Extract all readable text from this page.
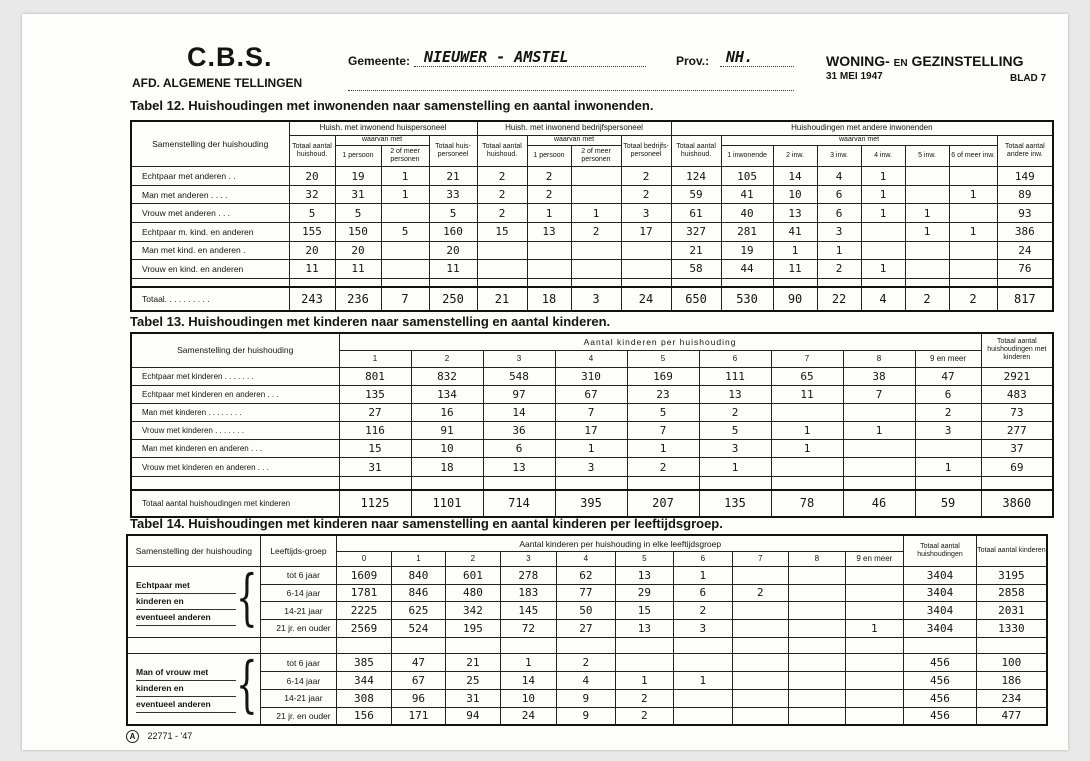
C.B.S.
AFD. ALGEMENE TELLINGEN
Gemeente: NIEUWER - AMSTEL	Prov.: NH.	WONING- EN GEZINSTELLING
31 MEI 1947	BLAD 7
Tabel 12. Huishoudingen met inwonenden naar samenstelling en aantal inwonenden.
Samenstelling der huishouding	Huish. met inwonend huispersoneel				Huish. met inwonend bedrijfspersoneel				Huishoudingen met andere inwonenden							
	Totaal aantal huishoud.	waarvan met		Totaal huis-personeel	Totaal aantal huishoud.	waarvan met		Totaal bedrijfs-personeel	Totaal aantal huishoud.	waarvan met						Totaal aantal andere inw.
		1 persoon	2 of meer personen			1 persoon	2 of meer personen			1 inwonende	2 inw.	3 inw.	4 inw.	5 inw.	6 of meer inw.	
Echtpaar met anderen . .	20	19	1	21	2	2		2	124	105	14	4	1			149
Man met anderen . . . .	32	31	1	33	2	2		2	59	41	10	6	1		1	89
Vrouw met anderen . . .	5	5		5	2	1	1	3	61	40	13	6	1	1		93
Echtpaar m. kind. en anderen	155	150	5	160	15	13	2	17	327	281	41	3		1	1	386
Man met kind. en anderen .	20	20		20					21	19	1	1				24
Vrouw en kind. en anderen	11	11		11					58	44	11	2	1			76

Totaal. . . . . . . . . .	243	236	7	250	21	18	3	24	650	530	90	22	4	2	2	817
Tabel 13. Huishoudingen met kinderen naar samenstelling en aantal kinderen.
Samenstelling der huishouding	Aantal kinderen per huishouding									Totaal aantal huishoudingen met kinderen
	1	2	3	4	5	6	7	8	9 en meer	
Echtpaar met kinderen . . . . . . .	801	832	548	310	169	111	65	38	47	2921
Echtpaar met kinderen en anderen . . .	135	134	97	67	23	13	11	7	6	483
Man met kinderen . . . . . . . .	27	16	14	7	5	2			2	73
Vrouw met kinderen . . . . . . .	116	91	36	17	7	5	1	1	3	277
Man met kinderen en anderen . . .	15	10	6	1	1	3	1			37
Vrouw met kinderen en anderen . . .	31	18	13	3	2	1			1	69

Totaal aantal huishoudingen met kinderen	1125	1101	714	395	207	135	78	46	59	3860
Tabel 14. Huishoudingen met kinderen naar samenstelling en aantal kinderen per leeftijdsgroep.
Samenstelling der huishouding	Leeftijds-groep	Aantal kinderen per huishouding in elke leeftijdsgroep										Totaal aantal huishoudingen	Totaal aantal kinderen
		0	1	2	3	4	5	6	7	8	9 en meer		

Echtpaar met
kinderen en
eventueel anderen {	tot 6 jaar	1609	840	601	278	62	13	1				3404	3195
	6-14 jaar	1781	846	480	183	77	29	6	2			3404	2858
	14-21 jaar	2225	625	342	145	50	15	2				3404	2031
	21 jr. en ouder	2569	524	195	72	27	13	3			1	3404	1330

Man of vrouw met
kinderen en
eventueel anderen {	tot 6 jaar	385	47	21	1	2						456	100
	6-14 jaar	344	67	25	14	4	1	1				456	186
	14-21 jaar	308	96	31	10	9	2					456	234
	21 jr. en ouder	156	171	94	24	9	2					456	477
A 22771 - '47
